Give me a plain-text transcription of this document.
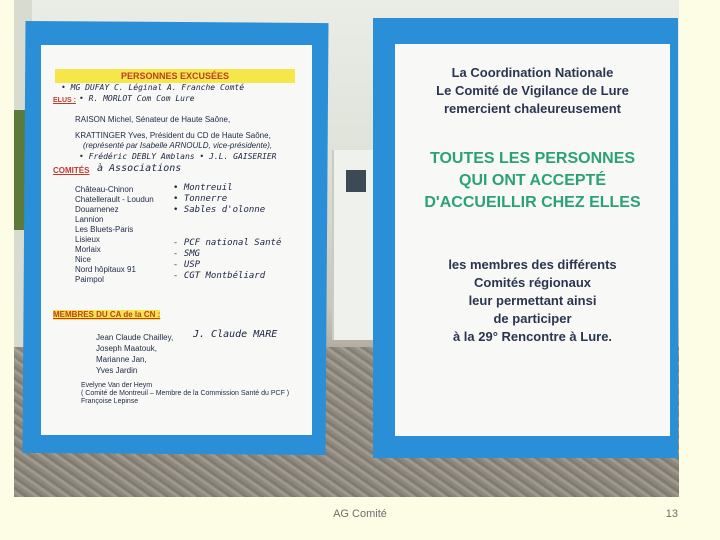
PERSONNES EXCUSÉES
• MG DUFAY C. Léginal A. Franche Comté
ELUS : • R. MORLOT Com Com Lure
RAISON Michel, Sénateur de Haute Saône,
KRATTINGER Yves, Président du CD de Haute Saône,
(représenté par Isabelle ARNOULD, vice-présidente),
• Frédéric DEBLY Amblans • J.L. GAISERIER
COMITÉS à Associations
Château-Chinon
Chatellerault - Loudun
Douarnenez
Lannion
Les Bluets-Paris
Lisieux
Morlaix
Nice
Nord hôpitaux 91
Paimpol
• Montreuil
• Tonnerre
• Sables d'olonne
- PCF national Santé
- SMG
- USP
- CGT Montbéliard
MEMBRES DU CA de la CN :
Jean Claude Chailley,
Joseph Maatouk,
Marianne Jan,
Yves Jardin
J. Claude MARE
Evelyne Van der Heym
( Comité de Montreuil – Membre de la Commission Santé du PCF )
Françoise Lepinse
La Coordination Nationale
Le Comité de Vigilance de Lure
remercient chaleureusement
TOUTES LES PERSONNES
QUI ONT ACCEPTÉ
D'ACCUEILLIR CHEZ ELLES
les membres des différents
Comités régionaux
leur permettant ainsi
de participer
à la 29° Rencontre à Lure.
AG Comité	13
